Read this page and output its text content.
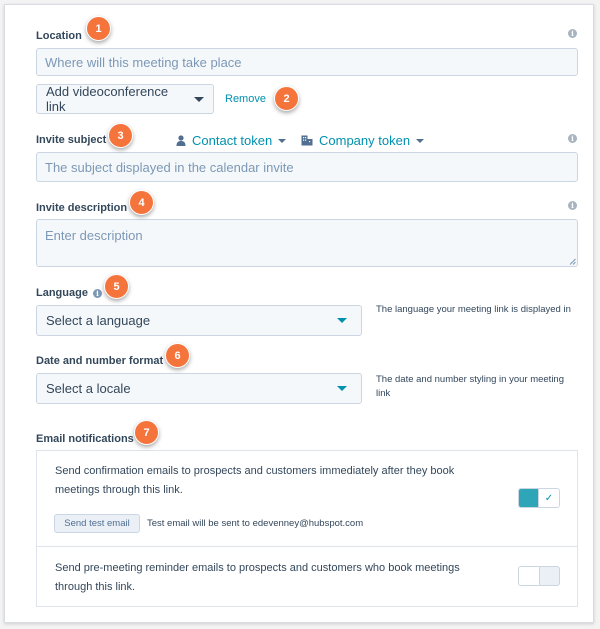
Location	i
Where will this meeting take place
Add videoconference link	Remove
Invite subject	Contact token	Company token	i
The subject displayed in the calendar invite
Invite description	i
Enter description
Language	i
Select a language
The language your meeting link is displayed in
Date and number format
Select a locale
The date and number styling in your meeting link
Email notifications
Send confirmation emails to prospects and customers immediately after they book meetings through this link.
Send test email	Test email will be sent to edevenney@hubspot.com
✓
Send pre-meeting reminder emails to prospects and customers who book meetings through this link.
1
2
3
4
5
6
7
